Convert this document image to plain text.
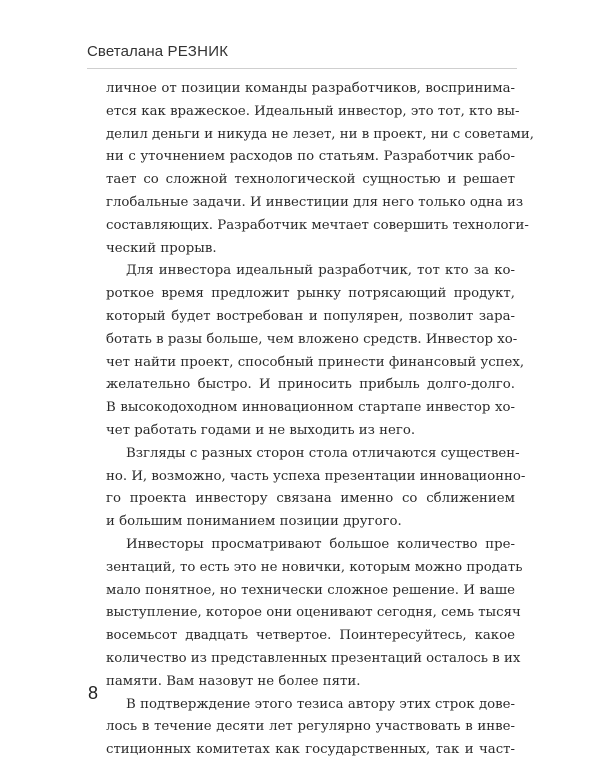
Светалана РЕЗНИК
личное от позиции команды разработчиков, воспринима-
ется как вражеское. Идеальный инвестор, это тот, кто вы-
делил деньги и никуда не лезет, ни в проект, ни с советами,
ни с уточнением расходов по статьям. Разработчик рабо-
тает со сложной технологической сущностью и решает
глобальные задачи. И инвестиции для него только одна из
составляющих. Разработчик мечтает совершить технологи-
ческий прорыв.
Для инвестора идеальный разработчик, тот кто за ко-
роткое время предложит рынку потрясающий продукт,
который будет востребован и популярен, позволит зара-
ботать в разы больше, чем вложено средств. Инвестор хо-
чет найти проект, способный принести финансовый успех,
желательно быстро. И приносить прибыль долго-долго.
В высокодоходном инновационном стартапе инвестор хо-
чет работать годами и не выходить из него.
Взгляды с разных сторон стола отличаются существен-
но. И, возможно, часть успеха презентации инновационно-
го проекта инвестору связана именно со сближением
и большим пониманием позиции другого.
Инвесторы просматривают большое количество пре-
зентаций, то есть это не новички, которым можно продать
мало понятное, но технически сложное решение. И ваше
выступление, которое они оценивают сегодня, семь тысяч
восемьсот двадцать четвертое. Поинтересуйтесь, какое
количество из представленных презентаций осталось в их
памяти. Вам назовут не более пяти.
В подтверждение этого тезиса автору этих строк дове-
лось в течение десяти лет регулярно участвовать в инве-
стиционных комитетах как государственных, так и част-
8
